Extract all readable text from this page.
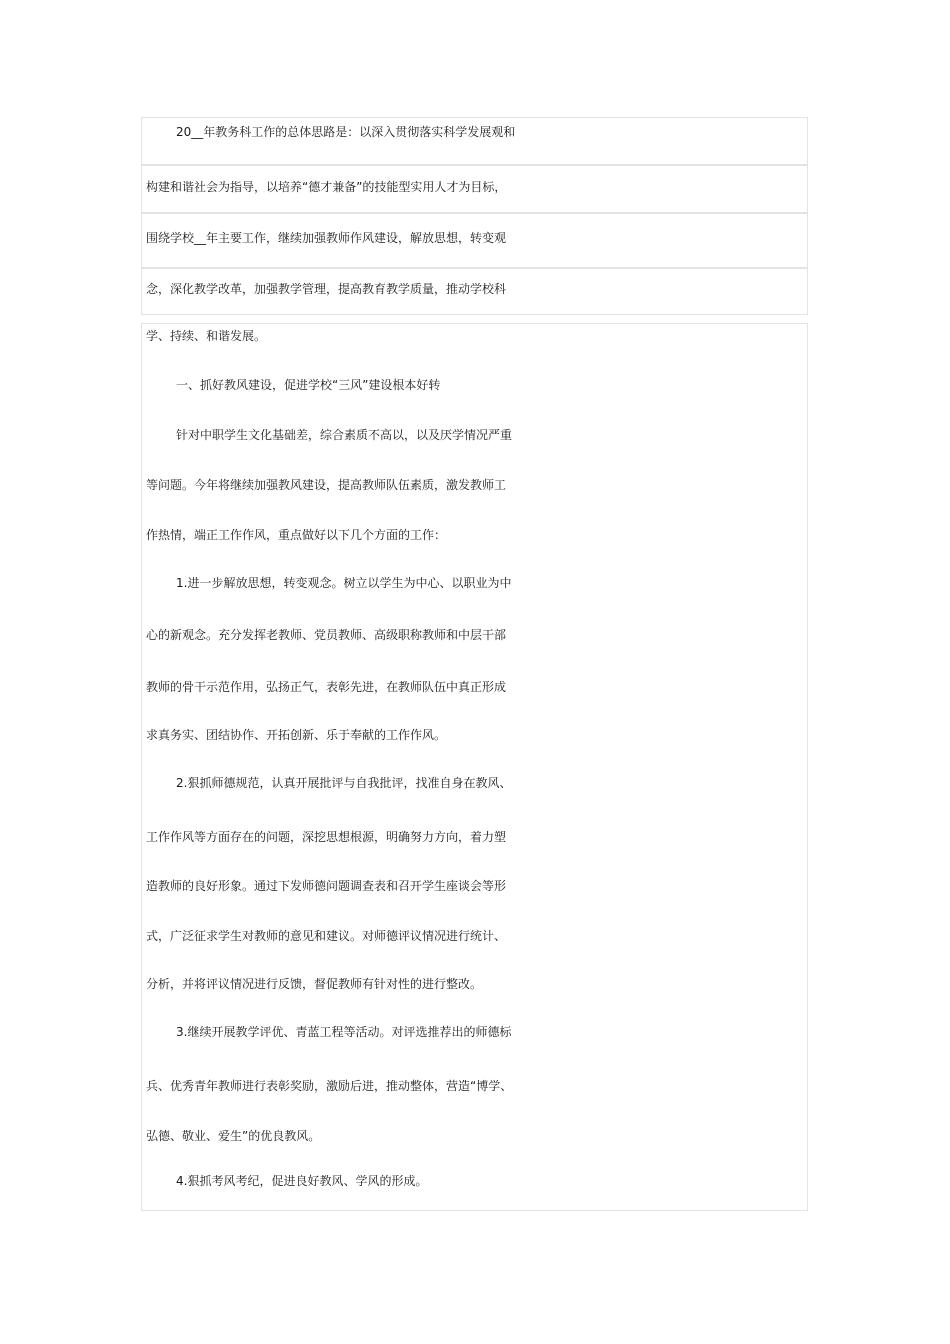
20__年教务科工作的总体思路是：以深入贯彻落实科学发展观和
构建和谐社会为指导，以培养“德才兼备”的技能型实用人才为目标，
围绕学校__年主要工作，继续加强教师作风建设，解放思想，转变观
念，深化教学改革，加强教学管理，提高教育教学质量，推动学校科
学、持续、和谐发展。
一、抓好教风建设，促进学校“三风”建设根本好转
针对中职学生文化基础差，综合素质不高以，以及厌学情况严重
等问题。今年将继续加强教风建设，提高教师队伍素质，激发教师工
作热情，端正工作作风，重点做好以下几个方面的工作：
1.进一步解放思想，转变观念。树立以学生为中心、以职业为中
心的新观念。充分发挥老教师、党员教师、高级职称教师和中层干部
教师的骨干示范作用，弘扬正气，表彰先进，在教师队伍中真正形成
求真务实、团结协作、开拓创新、乐于奉献的工作作风。
2.狠抓师德规范，认真开展批评与自我批评，找准自身在教风、
工作作风等方面存在的问题，深挖思想根源，明确努力方向，着力塑
造教师的良好形象。通过下发师德问题调查表和召开学生座谈会等形
式，广泛征求学生对教师的意见和建议。对师德评议情况进行统计、
分析，并将评议情况进行反馈，督促教师有针对性的进行整改。
3.继续开展教学评优、青蓝工程等活动。对评选推荐出的师德标
兵、优秀青年教师进行表彰奖励，激励后进，推动整体，营造“博学、
弘德、敬业、爱生”的优良教风。
4.狠抓考风考纪，促进良好教风、学风的形成。
